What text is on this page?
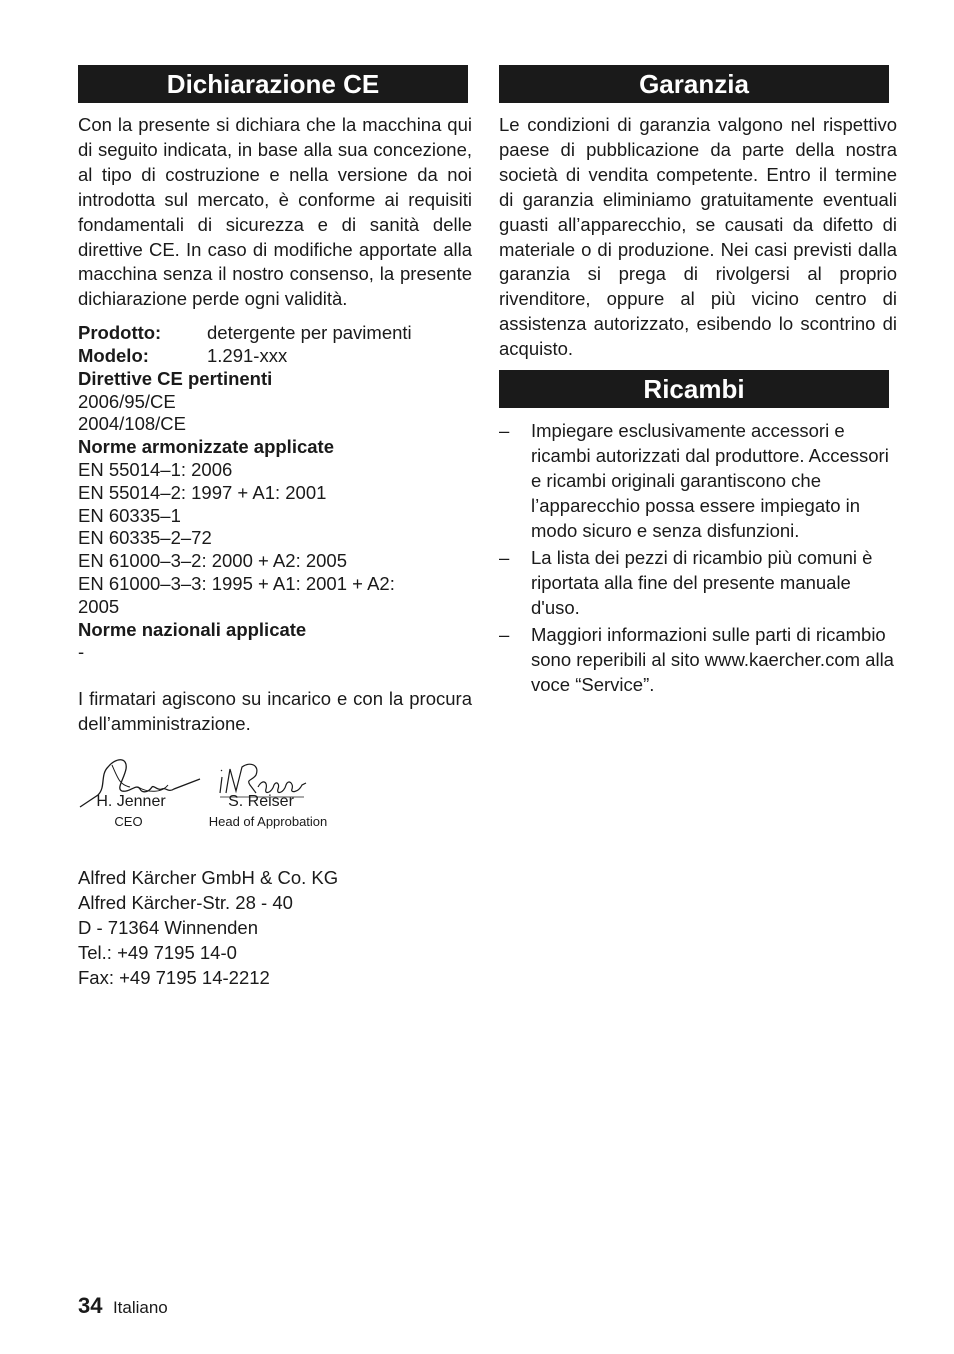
Dichiarazione CE

Con la presente si dichiara che la macchina qui di seguito indicata, in base alla sua concezione, al tipo di costruzione e nella versione da noi introdotta sul mercato, è conforme ai requisiti fondamentali di sicurezza e di sanità delle direttive CE. In caso di modifiche apportate alla macchina senza il nostro consenso, la presente dichiarazione perde ogni validità.

Prodotto:	detergente per pavimenti
Modelo:	1.291-xxx
Direttive CE pertinenti
2006/95/CE
2004/108/CE
Norme armonizzate applicate
EN 55014–1: 2006
EN 55014–2: 1997 + A1: 2001
EN 60335–1
EN 60335–2–72
EN 61000–3–2: 2000 + A2: 2005
EN 61000–3–3: 1995 + A1: 2001 + A2:
2005
Norme nazionali applicate
-

I firmatari agiscono su incarico e con la procura dell’amministrazione.

H. Jenner
CEO
S. Reiser
Head of Approbation
Alfred Kärcher GmbH & Co. KG
Alfred Kärcher-Str. 28 - 40
D - 71364 Winnenden
Tel.: +49 7195 14-0
Fax: +49 7195 14-2212
Garanzia

Le condizioni di garanzia valgono nel rispettivo paese di pubblicazione da parte della nostra società di vendita competente. Entro il termine di garanzia eliminiamo gratuitamente eventuali guasti all’apparecchio, se causati da difetto di materiale o di produzione. Nei casi previsti dalla garanzia si prega di rivolgersi al proprio rivenditore, oppure al più vicino centro di assistenza autorizzato, esibendo lo scontrino di acquisto.

Ricambi
– Impiegare esclusivamente accessori e ricambi autorizzati dal produttore. Accessori e ricambi originali garantiscono che l’apparecchio possa essere impiegato in modo sicuro e senza disfunzioni.
– La lista dei pezzi di ricambio più comuni è riportata alla fine del presente manuale d'uso.
– Maggiori informazioni sulle parti di ricambio sono reperibili al sito www.kaercher.com alla voce “Service”.
34 Italiano
